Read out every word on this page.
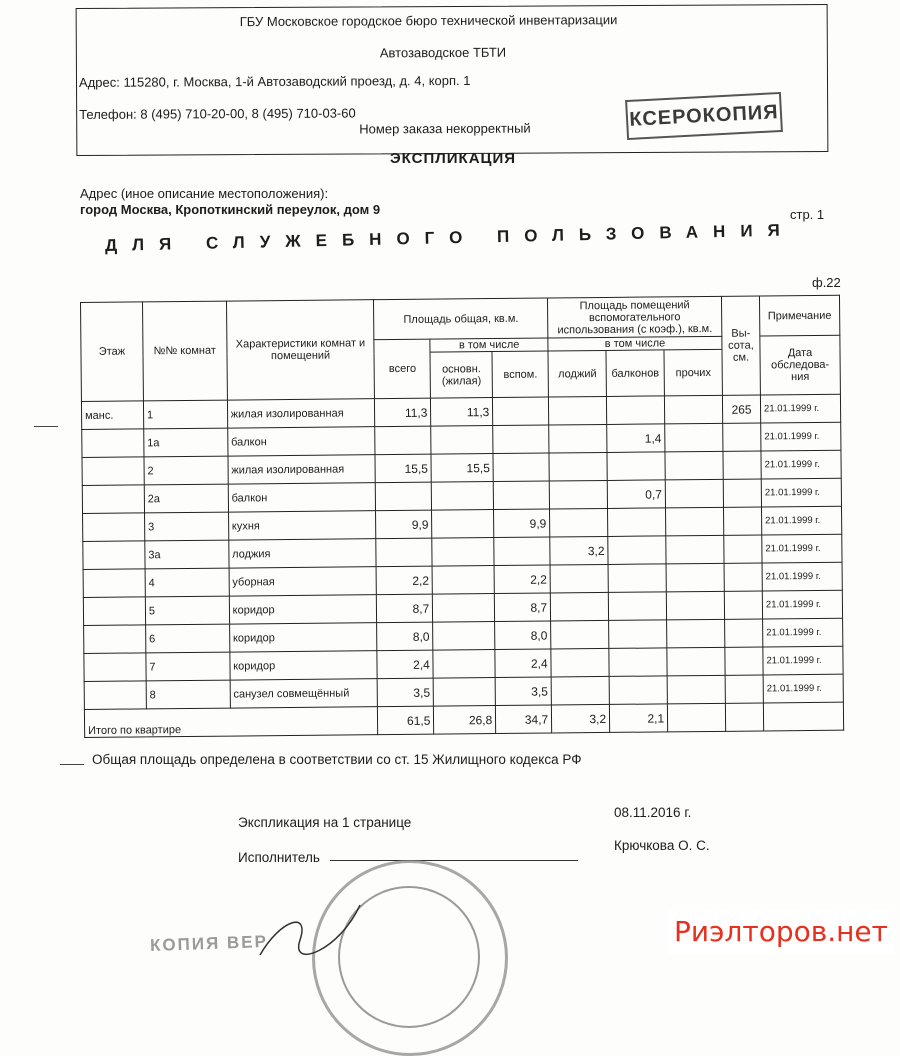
ГБУ Московское городское бюро технической инвентаризации
Автозаводское ТБТИ
Адрес: 115280, г. Москва, 1-й Автозаводский проезд, д. 4, корп. 1
Телефон: 8 (495) 710-20-00, 8 (495) 710-03-60
Номер заказа некорректный	КСЕРОКОПИЯ
ЭКСПЛИКАЦИЯ
Адрес (иное описание местоположения):
город Москва, Кропоткинский переулок, дом 9	стр. 1
ДЛЯ СЛУЖЕБНОГО ПОЛЬЗОВАНИЯ
ф.22
Этаж	№№ комнат	Характеристики комнат и помещений	Площадь общая, кв.м.			Площадь помещений вспомогательного использования (с коэф.), кв.м.			Вы-сота, см.	Примечание
			всего	в том числе		в том числе				Дата обследова-ния
				основн. (жилая)	вспом.	лоджий	балконов	прочих		
манс.	1	жилая изолированная	11,3	11,3					265	21.01.1999 г.
	1а	балкон					1,4			21.01.1999 г.
	2	жилая изолированная	15,5	15,5						21.01.1999 г.
	2а	балкон					0,7			21.01.1999 г.
	3	кухня	9,9		9,9					21.01.1999 г.
	3а	лоджия				3,2				21.01.1999 г.
	4	уборная	2,2		2,2					21.01.1999 г.
	5	коридор	8,7		8,7					21.01.1999 г.
	6	коридор	8,0		8,0					21.01.1999 г.
	7	коридор	2,4		2,4					21.01.1999 г.
	8	санузел совмещённый	3,5		3,5					21.01.1999 г.
Итого по квартире			61,5	26,8	34,7	3,2	2,1			
Общая площадь определена в соответствии со ст. 15 Жилищного кодекса РФ
Экспликация на 1 странице
08.11.2016 г.
Исполнитель
Крючкова О. С.
КОПИЯ ВЕР	Риэлторов.нет
